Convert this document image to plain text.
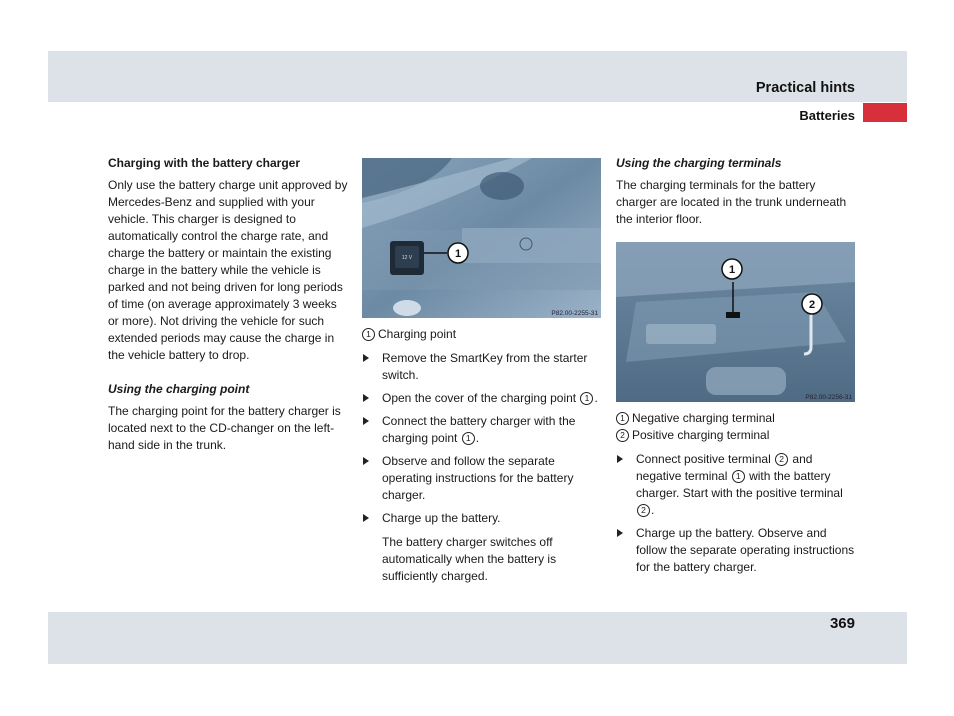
Practical hints
Batteries
Charging with the battery charger

Only use the battery charge unit approved by Mercedes-Benz and supplied with your vehicle. This charger is designed to automatically control the charge rate, and charge the battery or maintain the existing charge in the battery while the vehicle is parked and not being driven for long periods of time (on average approximately 3 weeks or more). Not driving the vehicle for such extended periods may cause the charge in the vehicle battery to drop.

Using the charging point

The charging point for the battery charger is located next to the CD-changer on the left-hand side in the trunk.

12 V	1
P82.00-2255-31
1 Charging point
Remove the SmartKey from the starter switch.
Open the cover of the charging point 1 .
Connect the battery charger with the charging point 1 .
Observe and follow the separate operating instructions for the battery charger.
Charge up the battery.
The battery charger switches off automatically when the battery is sufficiently charged.
Using the charging terminals

The charging terminals for the battery charger are located in the trunk underneath the interior floor.

1
2
P82.00-2256-31
1 Negative charging terminal
2 Positive charging terminal
Connect positive terminal 2 and negative terminal 1 with the battery charger. Start with the positive terminal 2 .
Charge up the battery. Observe and follow the separate operating instructions for the battery charger.
369
